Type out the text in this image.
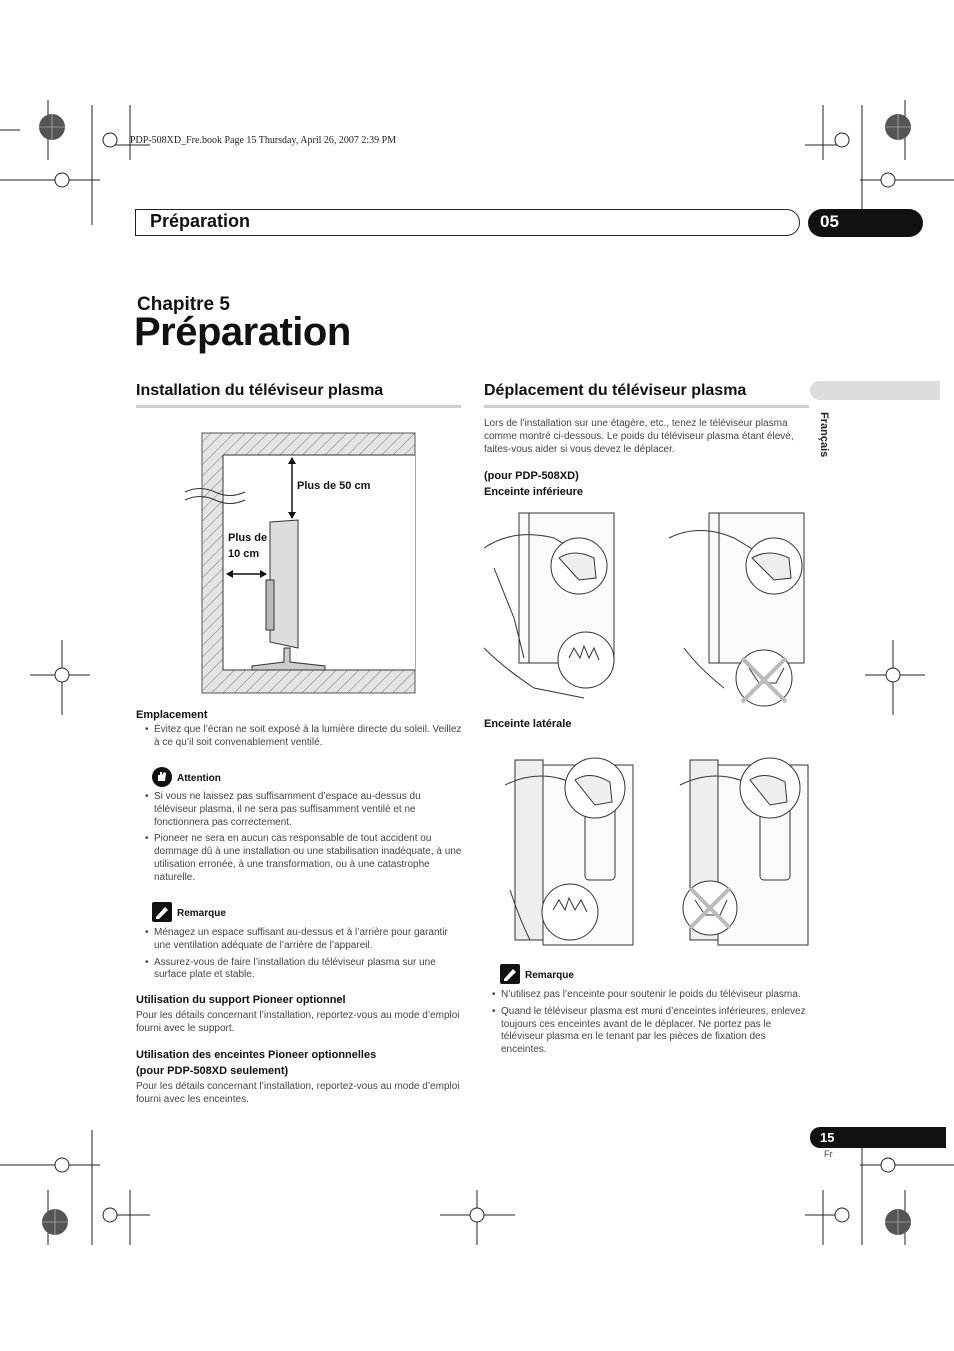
PDP-508XD_Fre.book Page 15 Thursday, April 26, 2007 2:39 PM
Préparation	05
Chapitre 5
Préparation
Français
Installation du téléviseur plasma
Plus de 50 cm
Plus de
10 cm
Emplacement
• Évitez que l’écran ne soit exposé à la lumière directe du soleil. Veillez à ce qu’il soit convenablement ventilé.
Attention
• Si vous ne laissez pas suffisamment d’espace au-dessus du téléviseur plasma, il ne sera pas suffisamment ventilé et ne fonctionnera pas correctement.
• Pioneer ne sera en aucun cas responsable de tout accident ou dommage dû à une installation ou une stabilisation inadéquate, à une utilisation erronée, à une transformation, ou à une catastrophe naturelle.
Remarque
• Ménagez un espace suffisant au-dessus et à l’arrière pour garantir une ventilation adéquate de l’arrière de l’appareil.
• Assurez-vous de faire l’installation du téléviseur plasma sur une surface plate et stable.
Utilisation du support Pioneer optionnel
Pour les détails concernant l’installation, reportez-vous au mode d’emploi fourni avec le support.
Utilisation des enceintes Pioneer optionnelles
(pour PDP-508XD seulement)
Pour les détails concernant l’installation, reportez-vous au mode d’emploi fourni avec les enceintes.
Déplacement du téléviseur plasma
Lors de l’installation sur une étagère, etc., tenez le téléviseur plasma comme montré ci-dessous. Le poids du téléviseur plasma étant élevé, faites-vous aider si vous devez le déplacer.
(pour PDP-508XD)
Enceinte inférieure
Enceinte latérale
Remarque
• N’utilisez pas l’enceinte pour soutenir le poids du téléviseur plasma.
• Quand le téléviseur plasma est muni d’enceintes inférieures, enlevez toujours ces enceintes avant de le déplacer. Ne portez pas le téléviseur plasma en le tenant par les pièces de fixation des enceintes.
15
Fr
